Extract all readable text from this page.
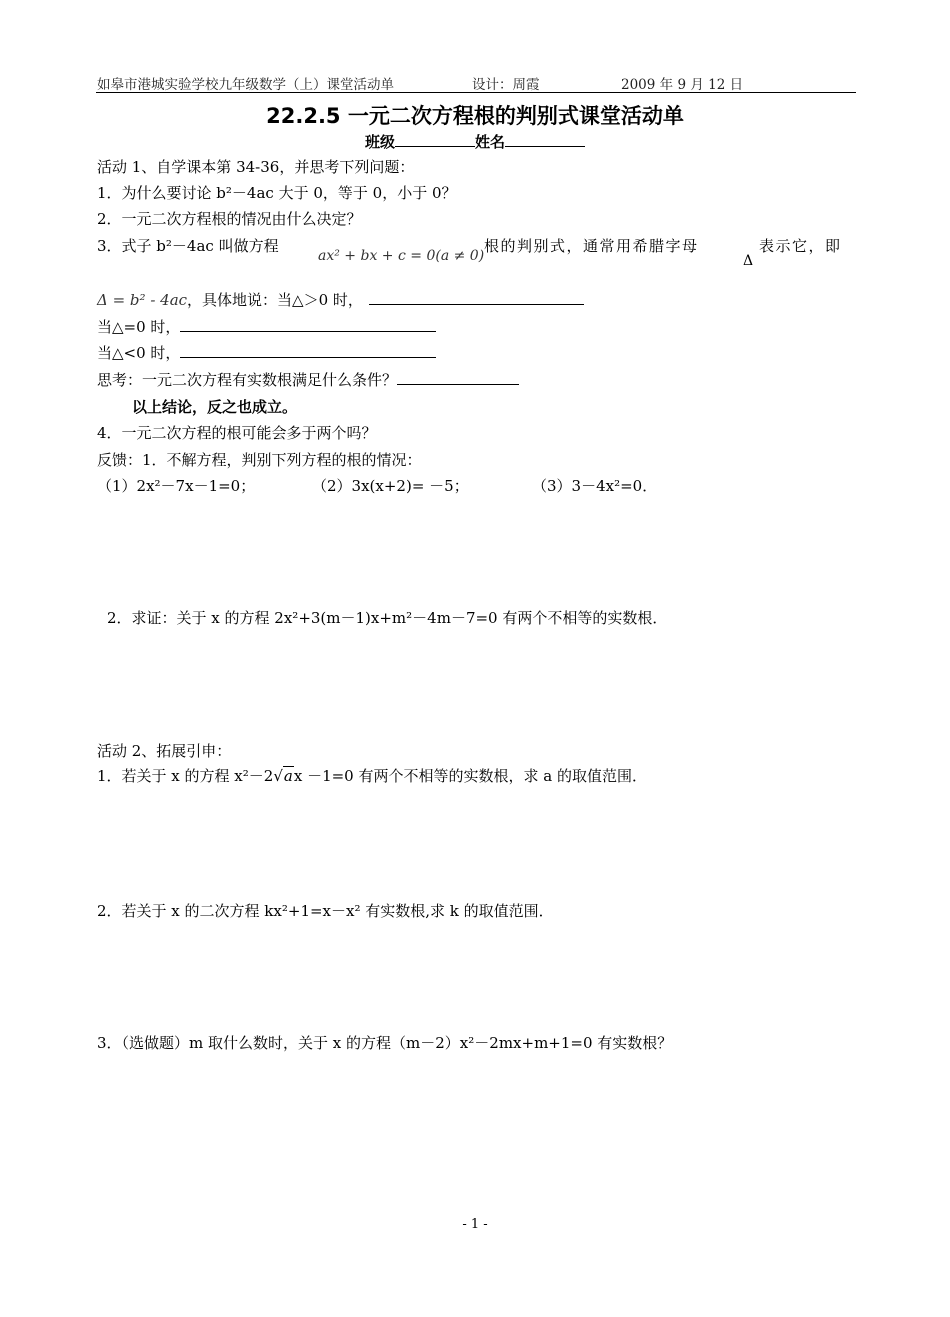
如皋市港城实验学校九年级数学（上）课堂活动单	设计：周霞	2009 年 9 月 12 日
22.2.5 一元二次方程根的判别式课堂活动单
班级	姓名
活动 1、自学课本第 34-36，并思考下列问题：
1．为什么要讨论 b²－4ac 大于 0，等于 0，小于 0？
2．一元二次方程根的情况由什么决定？
3．式子 b²－4ac 叫做方程
ax² + bx + c = 0(a ≠ 0)
根的判别式，通常用希腊字母
Δ
表示它，即
Δ = b² - 4ac，具体地说：当△＞0 时，
当△=0 时，
当△<0 时，
思考：一元二次方程有实数根满足什么条件？
以上结论，反之也成立。
4．一元二次方程的根可能会多于两个吗？
反馈：1．不解方程，判别下列方程的根的情况：
（1）2x²－7x－1=0；	（2）3x(x+2)= －5；	（3）3－4x²=0．
2．求证：关于 x 的方程 2x²+3(m－1)x+m²－4m－7=0 有两个不相等的实数根．
活动 2、拓展引申：
1．若关于 x 的方程 x²－2√ax －1=0 有两个不相等的实数根，求 a 的取值范围．
2．若关于 x 的二次方程 kx²+1=x－x² 有实数根,求 k 的取值范围．
3．（选做题）m 取什么数时，关于 x 的方程（m－2）x²－2mx+m+1=0 有实数根？
- 1 -
